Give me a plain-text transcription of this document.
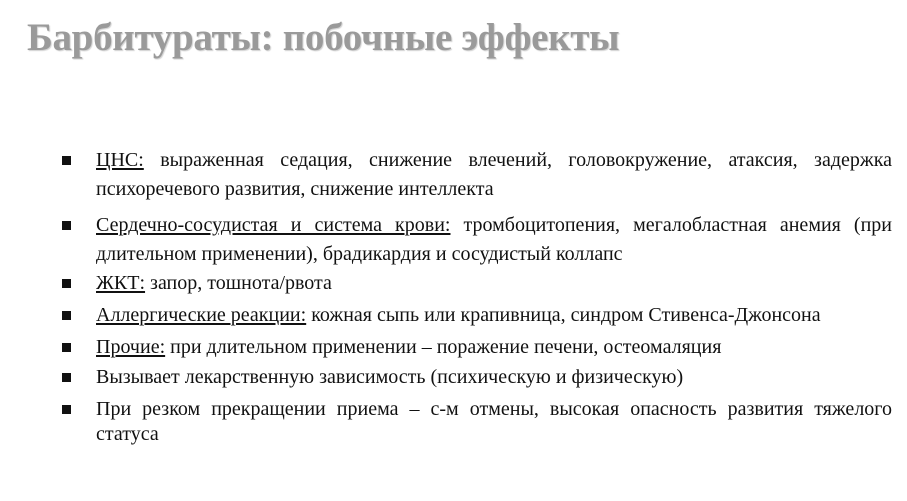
Барбитураты: побочные эффекты
ЦНС: выраженная седация, снижение влечений, головокружение, атаксия, задержка психоречевого развития, снижение интеллекта
Сердечно-сосудистая и система крови: тромбоцитопения, мегалобластная анемия (при длительном применении), брадикардия и сосудистый коллапс
ЖКТ: запор, тошнота/рвота
Аллергические реакции: кожная сыпь или крапивница, синдром Стивенса-Джонсона
Прочие: при длительном применении – поражение печени, остеомаляция
Вызывает лекарственную зависимость (психическую и физическую)
При резком прекращении приема – с-м отмены, высокая опасность развития тяжелого статуса
